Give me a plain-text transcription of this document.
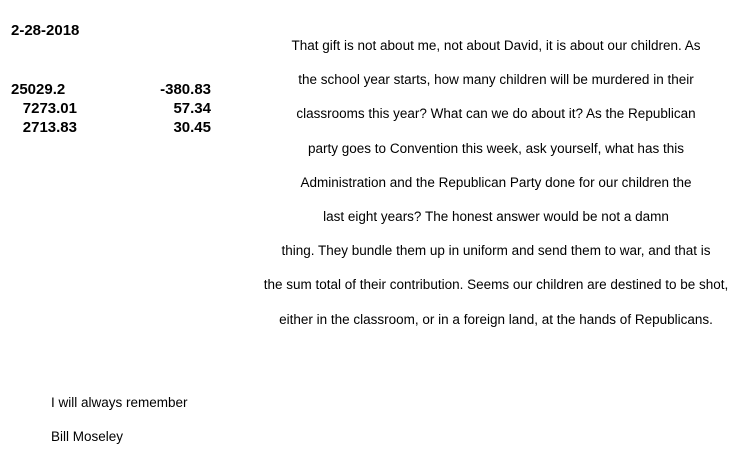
2-28-2018
25029.2	-380.83
7273.01	57.34
2713.83	30.45
That gift is not about me, not about David, it is about our children. As
the school year starts, how many children will be murdered in their
classrooms this year? What can we do about it? As the Republican
party goes to Convention this week, ask yourself, what has this
Administration and the Republican Party done for our children the
last eight years? The honest answer would be not a damn
thing. They bundle them up in uniform and send them to war, and that is
the sum total of their contribution. Seems our children are destined to be shot,
either in the classroom, or in a foreign land, at the hands of Republicans.
I will always remember
Bill Moseley
